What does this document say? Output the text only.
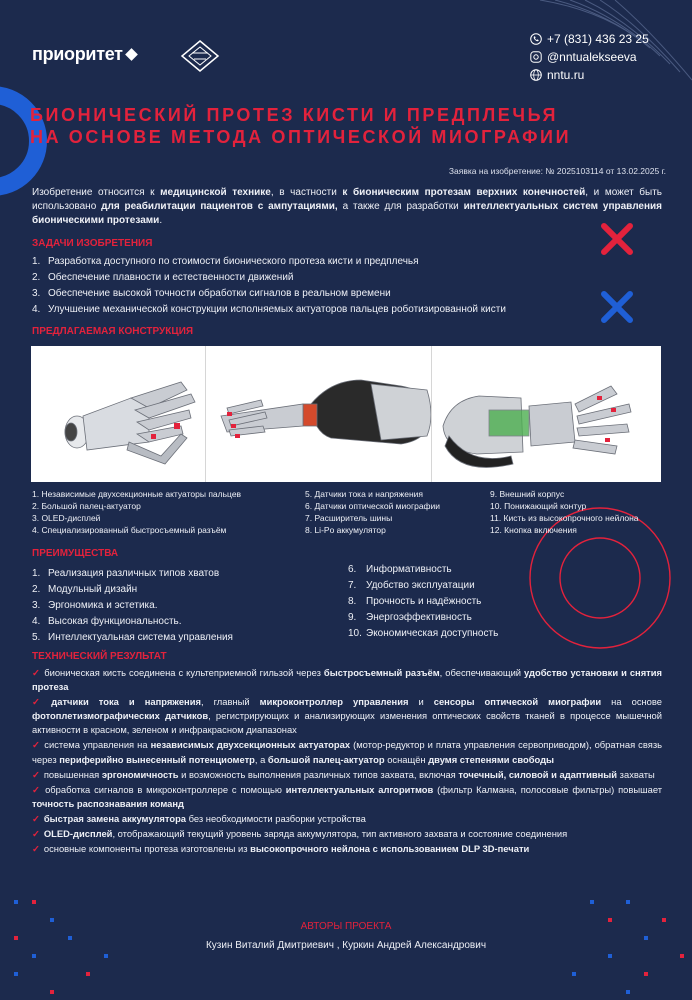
приоритет
+7 (831) 436 23 25
@nntualekseeva
nntu.ru
БИОНИЧЕСКИЙ ПРОТЕЗ КИСТИ И ПРЕДПЛЕЧЬЯ
НА ОСНОВЕ МЕТОДА ОПТИЧЕСКОЙ МИОГРАФИИ
Заявка на изобретение: № 2025103114 от 13.02.2025 г.
Изобретение относится к медицинской технике, в частности к бионическим протезам верхних конечностей, и может быть использовано для реабилитации пациентов с ампутациями, а также для разработки интеллектуальных систем управления бионическими протезами.
ЗАДАЧИ ИЗОБРЕТЕНИЯ
1. Разработка доступного по стоимости бионического протеза кисти и предплечья
2. Обеспечение плавности и естественности движений
3. Обеспечение высокой точности обработки сигналов в реальном времени
4. Улучшение механической конструкции исполняемых актуаторов пальцев роботизированной кисти
ПРЕДЛАГАЕМАЯ КОНСТРУКЦИЯ
1. Независимые двухсекционные актуаторы пальцев
2. Большой палец-актуатор
3. OLED-дисплей
4. Специализированный быстросъемный разъём
5. Датчики тока и напряжения
6. Датчики оптической миографии
7. Расширитель шины
8. Li-Po аккумулятор
9. Внешний корпус
10. Понижающий контур
11. Кисть из высокопрочного нейлона
12. Кнопка включения
ПРЕИМУЩЕСТВА
1. Реализация различных типов хватов
2. Модульный дизайн
3. Эргономика и эстетика.
4. Высокая функциональность.
5. Интеллектуальная система управления
6. Информативность
7. Удобство эксплуатации
8. Прочность и надёжность
9. Энергоэффективность
10. Экономическая доступность
ТЕХНИЧЕСКИЙ РЕЗУЛЬТАТ
✓ бионическая кисть соединена с культеприемной гильзой через быстросъемный разъём, обеспечивающий удобство установки и снятия протеза
✓ датчики тока и напряжения, главный микроконтроллер управления и сенсоры оптической миографии на основе фотоплетизмографических датчиков, регистрирующих и анализирующих изменения оптических свойств тканей в процессе мышечной активности в красном, зеленом и инфракрасном диапазонах
✓ система управления на независимых двухсекционных актуаторах (мотор-редуктор и плата управления сервоприводом), обратная связь через периферийно вынесенный потенциометр, а большой палец-актуатор оснащён двумя степенями свободы
✓ повышенная эргономичность и возможность выполнения различных типов захвата, включая точечный, силовой и адаптивный захваты
✓ обработка сигналов в микроконтроллере с помощью интеллектуальных алгоритмов (фильтр Калмана, полосовые фильтры) повышает точность распознавания команд
✓ быстрая замена аккумулятора без необходимости разборки устройства
✓ OLED-дисплей, отображающий текущий уровень заряда аккумулятора, тип активного захвата и состояние соединения
✓ основные компоненты протеза изготовлены из высокопрочного нейлона с использованием DLP 3D-печати
АВТОРЫ ПРОЕКТА
Кузин Виталий Дмитриевич , Куркин Андрей Александрович
